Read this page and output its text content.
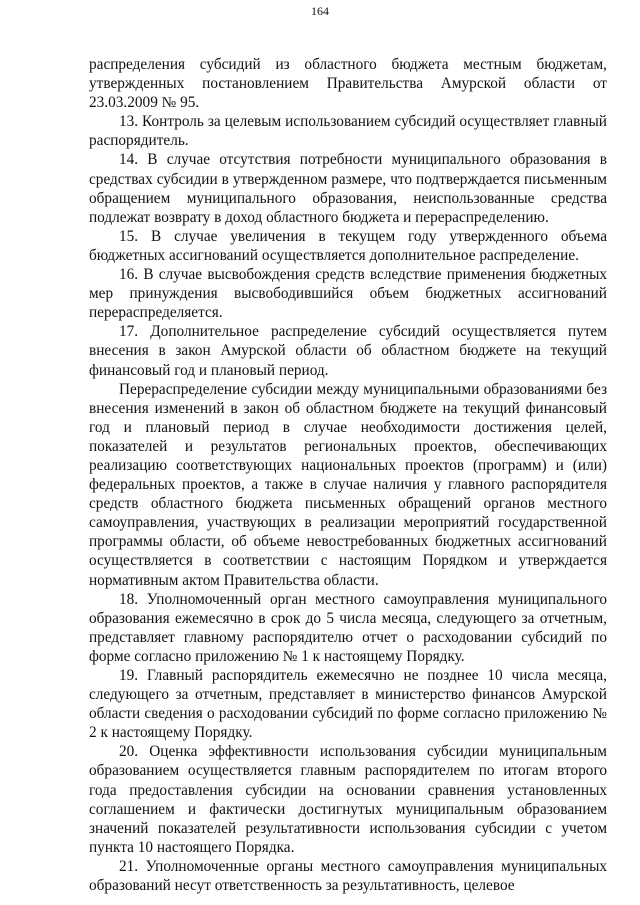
164

распределения субсидий из областного бюджета местным бюджетам, утвержденных постановлением Правительства Амурской области от 23.03.2009 № 95.

13. Контроль за целевым использованием субсидий осуществляет главный распорядитель.

14. В случае отсутствия потребности муниципального образования в средствах субсидии в утвержденном размере, что подтверждается письменным обращением муниципального образования, неиспользованные средства подлежат возврату в доход областного бюджета и перераспределению.

15. В случае увеличения в текущем году утвержденного объема бюджетных ассигнований осуществляется дополнительное распределение.

16. В случае высвобождения средств вследствие применения бюджетных мер принуждения высвободившийся объем бюджетных ассигнований перераспределяется.

17. Дополнительное распределение субсидий осуществляется путем внесения в закон Амурской области об областном бюджете на текущий финансовый год и плановый период.

Перераспределение субсидии между муниципальными образованиями без внесения изменений в закон об областном бюджете на текущий финансовый год и плановый период в случае необходимости достижения целей, показателей и результатов региональных проектов, обеспечивающих реализацию соответствующих национальных проектов (программ) и (или) федеральных проектов, а также в случае наличия у главного распорядителя средств областного бюджета письменных обращений органов местного самоуправления, участвующих в реализации мероприятий государственной программы области, об объеме невостребованных бюджетных ассигнований осуществляется в соответствии с настоящим Порядком и утверждается нормативным актом Правительства области.

18. Уполномоченный орган местного самоуправления муниципального образования ежемесячно в срок до 5 числа месяца, следующего за отчетным, представляет главному распорядителю отчет о расходовании субсидий по форме согласно приложению № 1 к настоящему Порядку.

19. Главный распорядитель ежемесячно не позднее 10 числа месяца, следующего за отчетным, представляет в министерство финансов Амурской области сведения о расходовании субсидий по форме согласно приложению № 2 к настоящему Порядку.

20. Оценка эффективности использования субсидии муниципальным образованием осуществляется главным распорядителем по итогам второго года предоставления субсидии на основании сравнения установленных соглашением и фактически достигнутых муниципальным образованием значений показателей результативности использования субсидии с учетом пункта 10 настоящего Порядка.

21. Уполномоченные органы местного самоуправления муниципальных образований несут ответственность за результативность, целевое
